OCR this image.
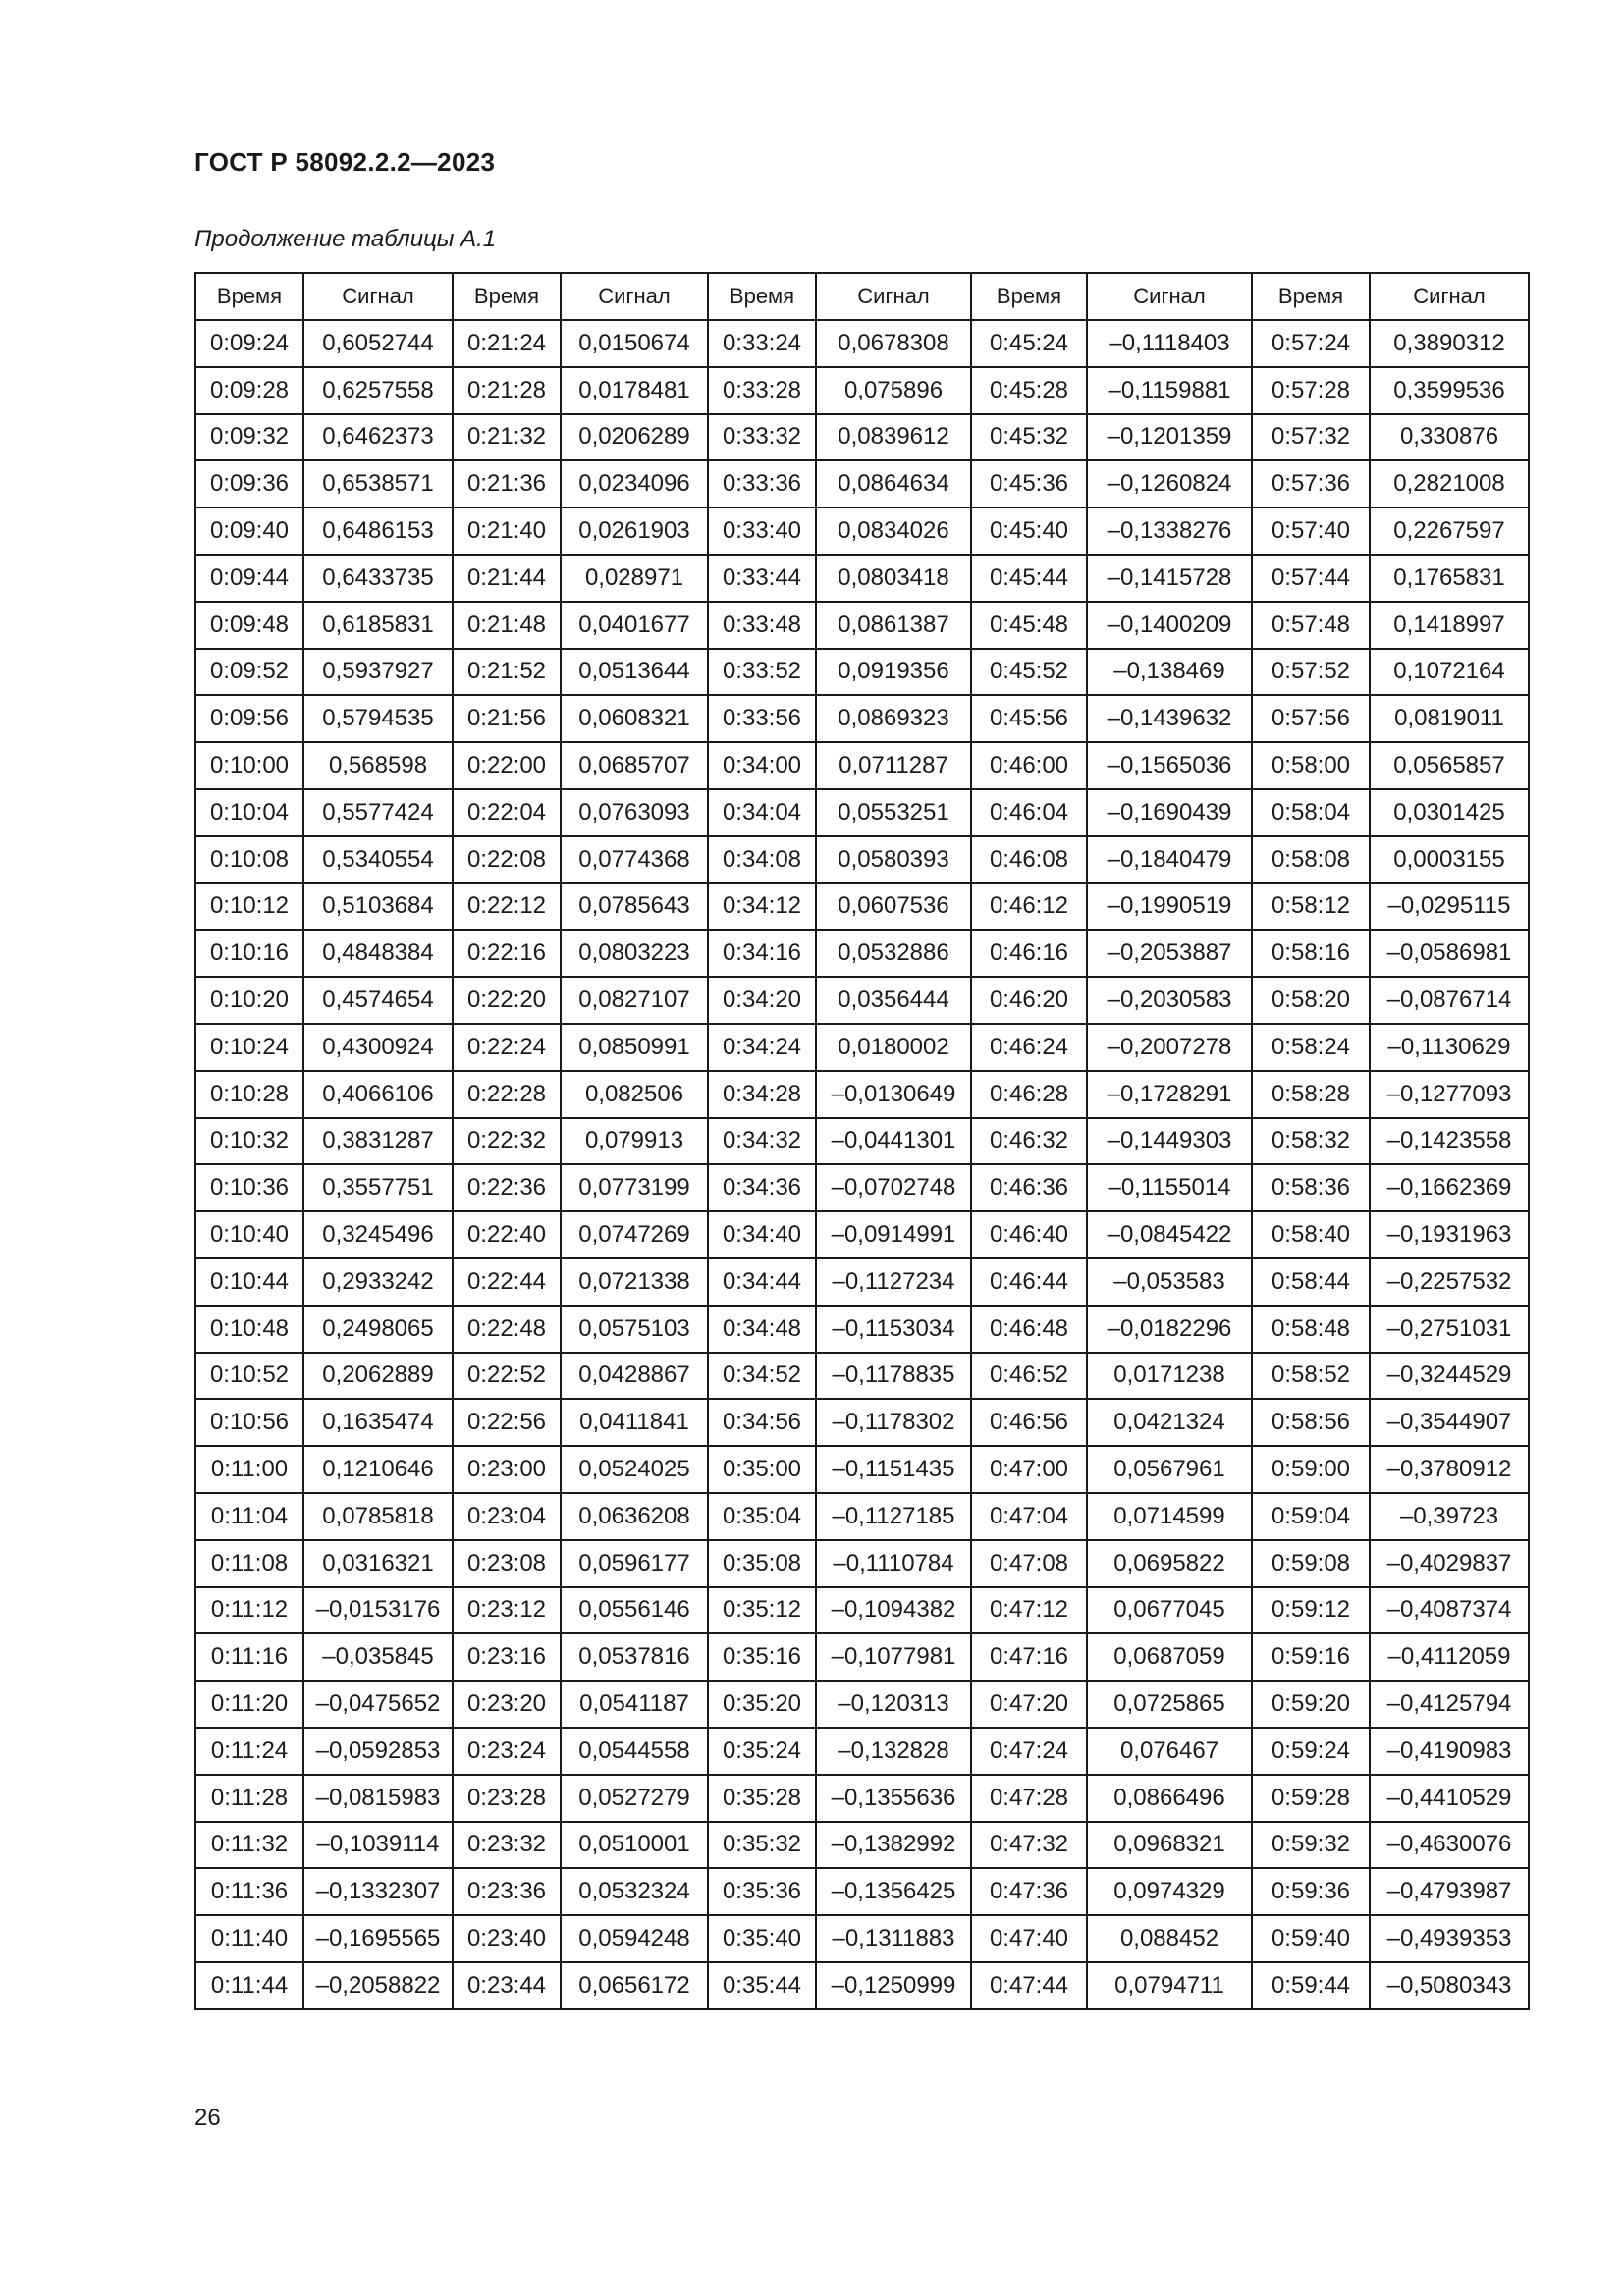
ГОСТ Р 58092.2.2—2023
Продолжение таблицы А.1
Время	Сигнал	Время	Сигнал	Время	Сигнал	Время	Сигнал	Время	Сигнал
0:09:24	0,6052744	0:21:24	0,0150674	0:33:24	0,0678308	0:45:24	–0,1118403	0:57:24	0,3890312
0:09:28	0,6257558	0:21:28	0,0178481	0:33:28	0,075896	0:45:28	–0,1159881	0:57:28	0,3599536
0:09:32	0,6462373	0:21:32	0,0206289	0:33:32	0,0839612	0:45:32	–0,1201359	0:57:32	0,330876
0:09:36	0,6538571	0:21:36	0,0234096	0:33:36	0,0864634	0:45:36	–0,1260824	0:57:36	0,2821008
0:09:40	0,6486153	0:21:40	0,0261903	0:33:40	0,0834026	0:45:40	–0,1338276	0:57:40	0,2267597
0:09:44	0,6433735	0:21:44	0,028971	0:33:44	0,0803418	0:45:44	–0,1415728	0:57:44	0,1765831
0:09:48	0,6185831	0:21:48	0,0401677	0:33:48	0,0861387	0:45:48	–0,1400209	0:57:48	0,1418997
0:09:52	0,5937927	0:21:52	0,0513644	0:33:52	0,0919356	0:45:52	–0,138469	0:57:52	0,1072164
0:09:56	0,5794535	0:21:56	0,0608321	0:33:56	0,0869323	0:45:56	–0,1439632	0:57:56	0,0819011
0:10:00	0,568598	0:22:00	0,0685707	0:34:00	0,0711287	0:46:00	–0,1565036	0:58:00	0,0565857
0:10:04	0,5577424	0:22:04	0,0763093	0:34:04	0,0553251	0:46:04	–0,1690439	0:58:04	0,0301425
0:10:08	0,5340554	0:22:08	0,0774368	0:34:08	0,0580393	0:46:08	–0,1840479	0:58:08	0,0003155
0:10:12	0,5103684	0:22:12	0,0785643	0:34:12	0,0607536	0:46:12	–0,1990519	0:58:12	–0,0295115
0:10:16	0,4848384	0:22:16	0,0803223	0:34:16	0,0532886	0:46:16	–0,2053887	0:58:16	–0,0586981
0:10:20	0,4574654	0:22:20	0,0827107	0:34:20	0,0356444	0:46:20	–0,2030583	0:58:20	–0,0876714
0:10:24	0,4300924	0:22:24	0,0850991	0:34:24	0,0180002	0:46:24	–0,2007278	0:58:24	–0,1130629
0:10:28	0,4066106	0:22:28	0,082506	0:34:28	–0,0130649	0:46:28	–0,1728291	0:58:28	–0,1277093
0:10:32	0,3831287	0:22:32	0,079913	0:34:32	–0,0441301	0:46:32	–0,1449303	0:58:32	–0,1423558
0:10:36	0,3557751	0:22:36	0,0773199	0:34:36	–0,0702748	0:46:36	–0,1155014	0:58:36	–0,1662369
0:10:40	0,3245496	0:22:40	0,0747269	0:34:40	–0,0914991	0:46:40	–0,0845422	0:58:40	–0,1931963
0:10:44	0,2933242	0:22:44	0,0721338	0:34:44	–0,1127234	0:46:44	–0,053583	0:58:44	–0,2257532
0:10:48	0,2498065	0:22:48	0,0575103	0:34:48	–0,1153034	0:46:48	–0,0182296	0:58:48	–0,2751031
0:10:52	0,2062889	0:22:52	0,0428867	0:34:52	–0,1178835	0:46:52	0,0171238	0:58:52	–0,3244529
0:10:56	0,1635474	0:22:56	0,0411841	0:34:56	–0,1178302	0:46:56	0,0421324	0:58:56	–0,3544907
0:11:00	0,1210646	0:23:00	0,0524025	0:35:00	–0,1151435	0:47:00	0,0567961	0:59:00	–0,3780912
0:11:04	0,0785818	0:23:04	0,0636208	0:35:04	–0,1127185	0:47:04	0,0714599	0:59:04	–0,39723
0:11:08	0,0316321	0:23:08	0,0596177	0:35:08	–0,1110784	0:47:08	0,0695822	0:59:08	–0,4029837
0:11:12	–0,0153176	0:23:12	0,0556146	0:35:12	–0,1094382	0:47:12	0,0677045	0:59:12	–0,4087374
0:11:16	–0,035845	0:23:16	0,0537816	0:35:16	–0,1077981	0:47:16	0,0687059	0:59:16	–0,4112059
0:11:20	–0,0475652	0:23:20	0,0541187	0:35:20	–0,120313	0:47:20	0,0725865	0:59:20	–0,4125794
0:11:24	–0,0592853	0:23:24	0,0544558	0:35:24	–0,132828	0:47:24	0,076467	0:59:24	–0,4190983
0:11:28	–0,0815983	0:23:28	0,0527279	0:35:28	–0,1355636	0:47:28	0,0866496	0:59:28	–0,4410529
0:11:32	–0,1039114	0:23:32	0,0510001	0:35:32	–0,1382992	0:47:32	0,0968321	0:59:32	–0,4630076
0:11:36	–0,1332307	0:23:36	0,0532324	0:35:36	–0,1356425	0:47:36	0,0974329	0:59:36	–0,4793987
0:11:40	–0,1695565	0:23:40	0,0594248	0:35:40	–0,1311883	0:47:40	0,088452	0:59:40	–0,4939353
0:11:44	–0,2058822	0:23:44	0,0656172	0:35:44	–0,1250999	0:47:44	0,0794711	0:59:44	–0,5080343
26
